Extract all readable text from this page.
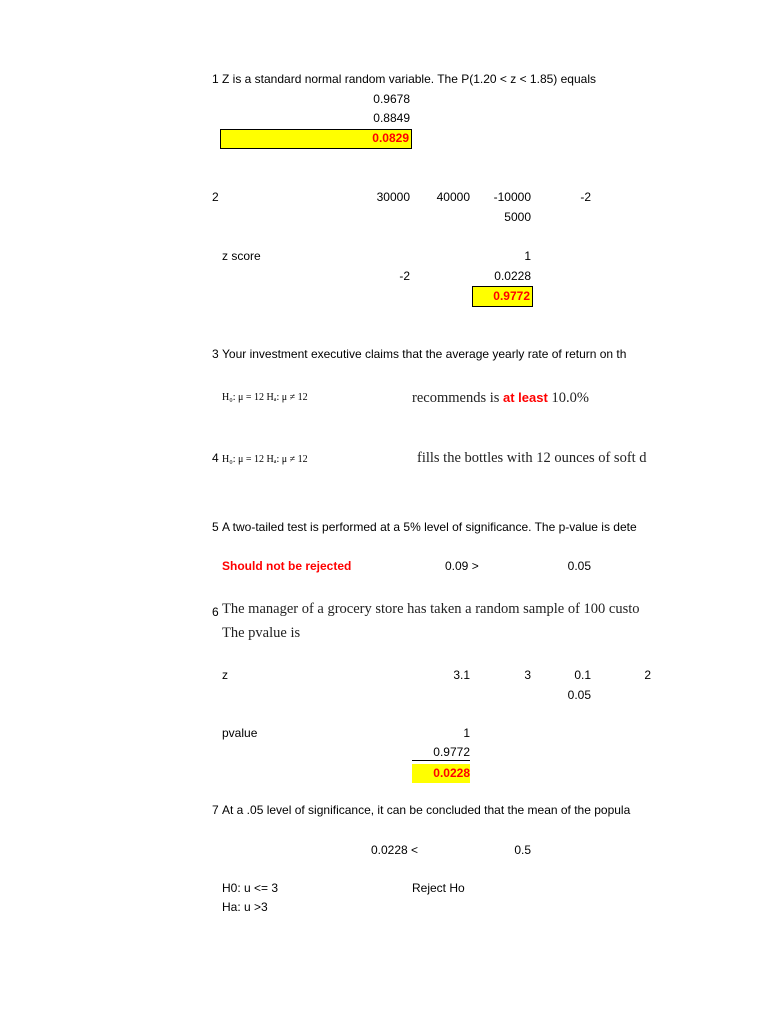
1 Z is a standard normal random variable. The P(1.20 < z < 1.85) equals
0.9678
0.8849
0.0829
2	30000	40000	-10000	-2
5000
z score	1
-2	0.0228
0.9772
3 Your investment executive claims that the average yearly rate of return on th
H₀: μ = 12 Hₐ: μ ≠ 12	recommends is at least 10.0%
4 H₀: μ = 12 Hₐ: μ ≠ 12	fills the bottles with 12 ounces of soft d
5 A two-tailed test is performed at a 5% level of significance. The p-value is dete
Should not be rejected	0.09 >	0.05
6 The manager of a grocery store has taken a random sample of 100 custo
The pvalue is
z	3.1	3	0.1	2
0.05
pvalue	1
0.9772
0.0228
7 At a .05 level of significance, it can be concluded that the mean of the popula
0.0228 <	0.5
H0: u <= 3	Reject Ho
Ha: u >3
